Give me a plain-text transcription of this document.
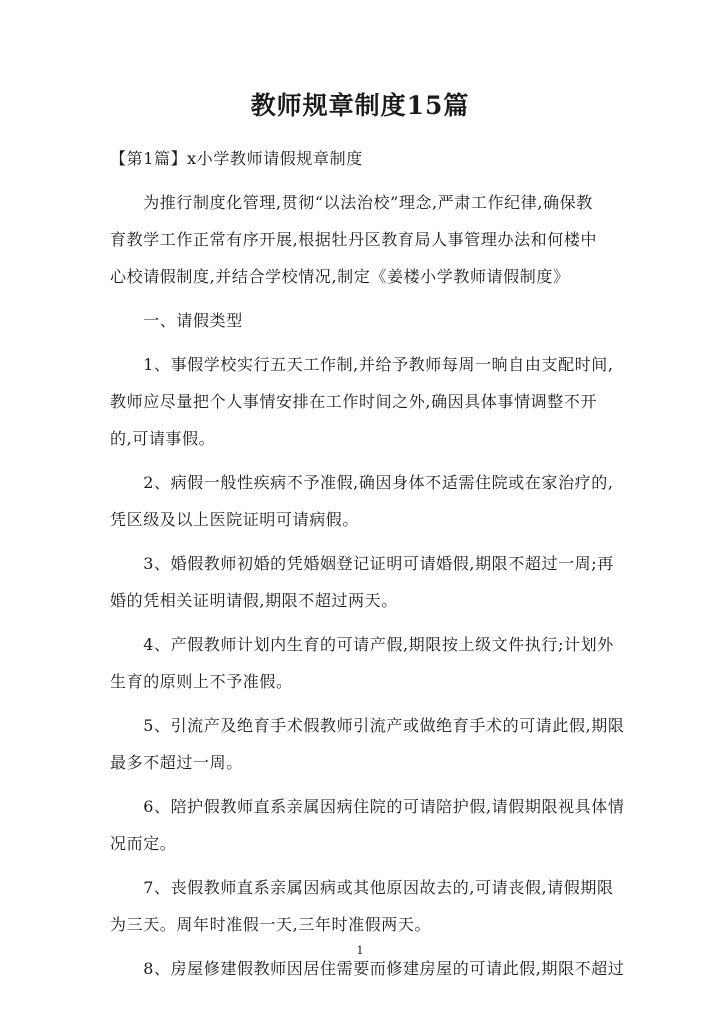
教师规章制度15篇
【第1篇】x小学教师请假规章制度
　　为推行制度化管理,贯彻“以法治校”理念,严肃工作纪律,确保教
育教学工作正常有序开展,根据牡丹区教育局人事管理办法和何楼中
心校请假制度,并结合学校情况,制定《姜楼小学教师请假制度》
　　一、请假类型
　　1、事假学校实行五天工作制,并给予教师每周一晌自由支配时间,
教师应尽量把个人事情安排在工作时间之外,确因具体事情调整不开
的,可请事假。
　　2、病假一般性疾病不予准假,确因身体不适需住院或在家治疗的,
凭区级及以上医院证明可请病假。
　　3、婚假教师初婚的凭婚姻登记证明可请婚假,期限不超过一周;再
婚的凭相关证明请假,期限不超过两天。
　　4、产假教师计划内生育的可请产假,期限按上级文件执行;计划外
生育的原则上不予准假。
　　5、引流产及绝育手术假教师引流产或做绝育手术的可请此假,期限
最多不超过一周。
　　6、陪护假教师直系亲属因病住院的可请陪护假,请假期限视具体情
况而定。
　　7、丧假教师直系亲属因病或其他原因故去的,可请丧假,请假期限
为三天。周年时准假一天,三年时准假两天。
　　8、房屋修建假教师因居住需要而修建房屋的可请此假,期限不超过
1
